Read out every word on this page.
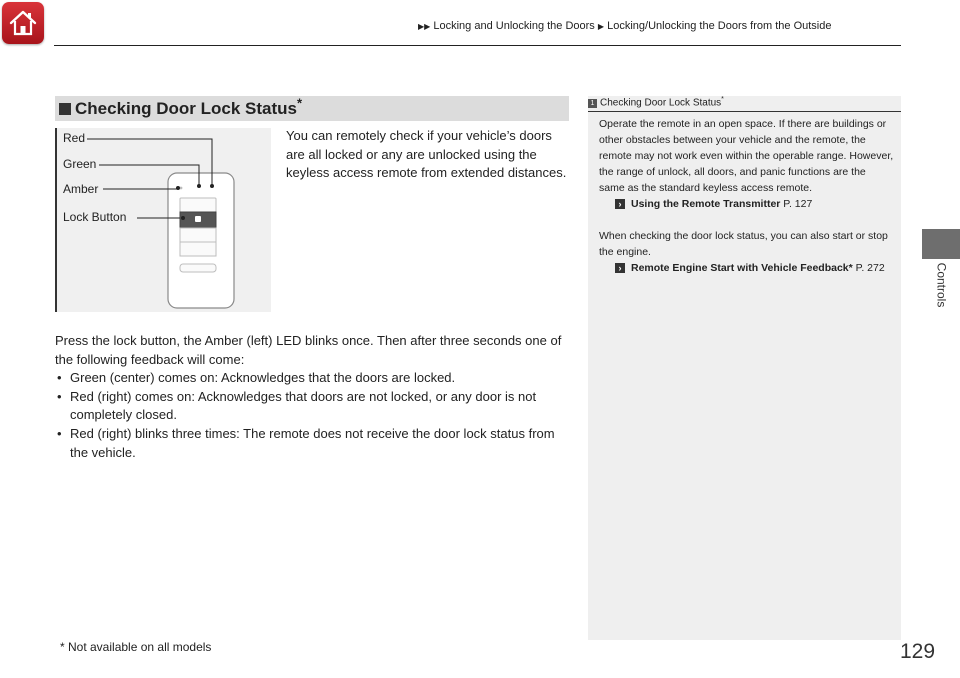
▶▶ Locking and Unlocking the Doors ▶ Locking/Unlocking the Doors from the Outside
Controls
Checking Door Lock Status*
Red
Green
Amber
Lock Button
You can remotely check if your vehicle’s doors are all locked or any are unlocked using the keyless access remote from extended distances.

Press the lock button, the Amber (left) LED blinks once. Then after three seconds one of the following feedback will come:

• Green (center) comes on: Acknowledges that the doors are locked.
• Red (right) comes on: Acknowledges that doors are not locked, or any door is not completely closed.
• Red (right) blinks three times: The remote does not receive the door lock status from the vehicle.
1 Checking Door Lock Status*

Operate the remote in an open space. If there are buildings or other obstacles between your vehicle and the remote, the remote may not work even within the operable range. However, the range of unlock, all doors, and panic functions are the same as the standard keyless access remote.

› Using the Remote Transmitter P. 127

When checking the door lock status, you can also start or stop the engine.

› Remote Engine Start with Vehicle Feedback* P. 272
* Not available on all models	129
